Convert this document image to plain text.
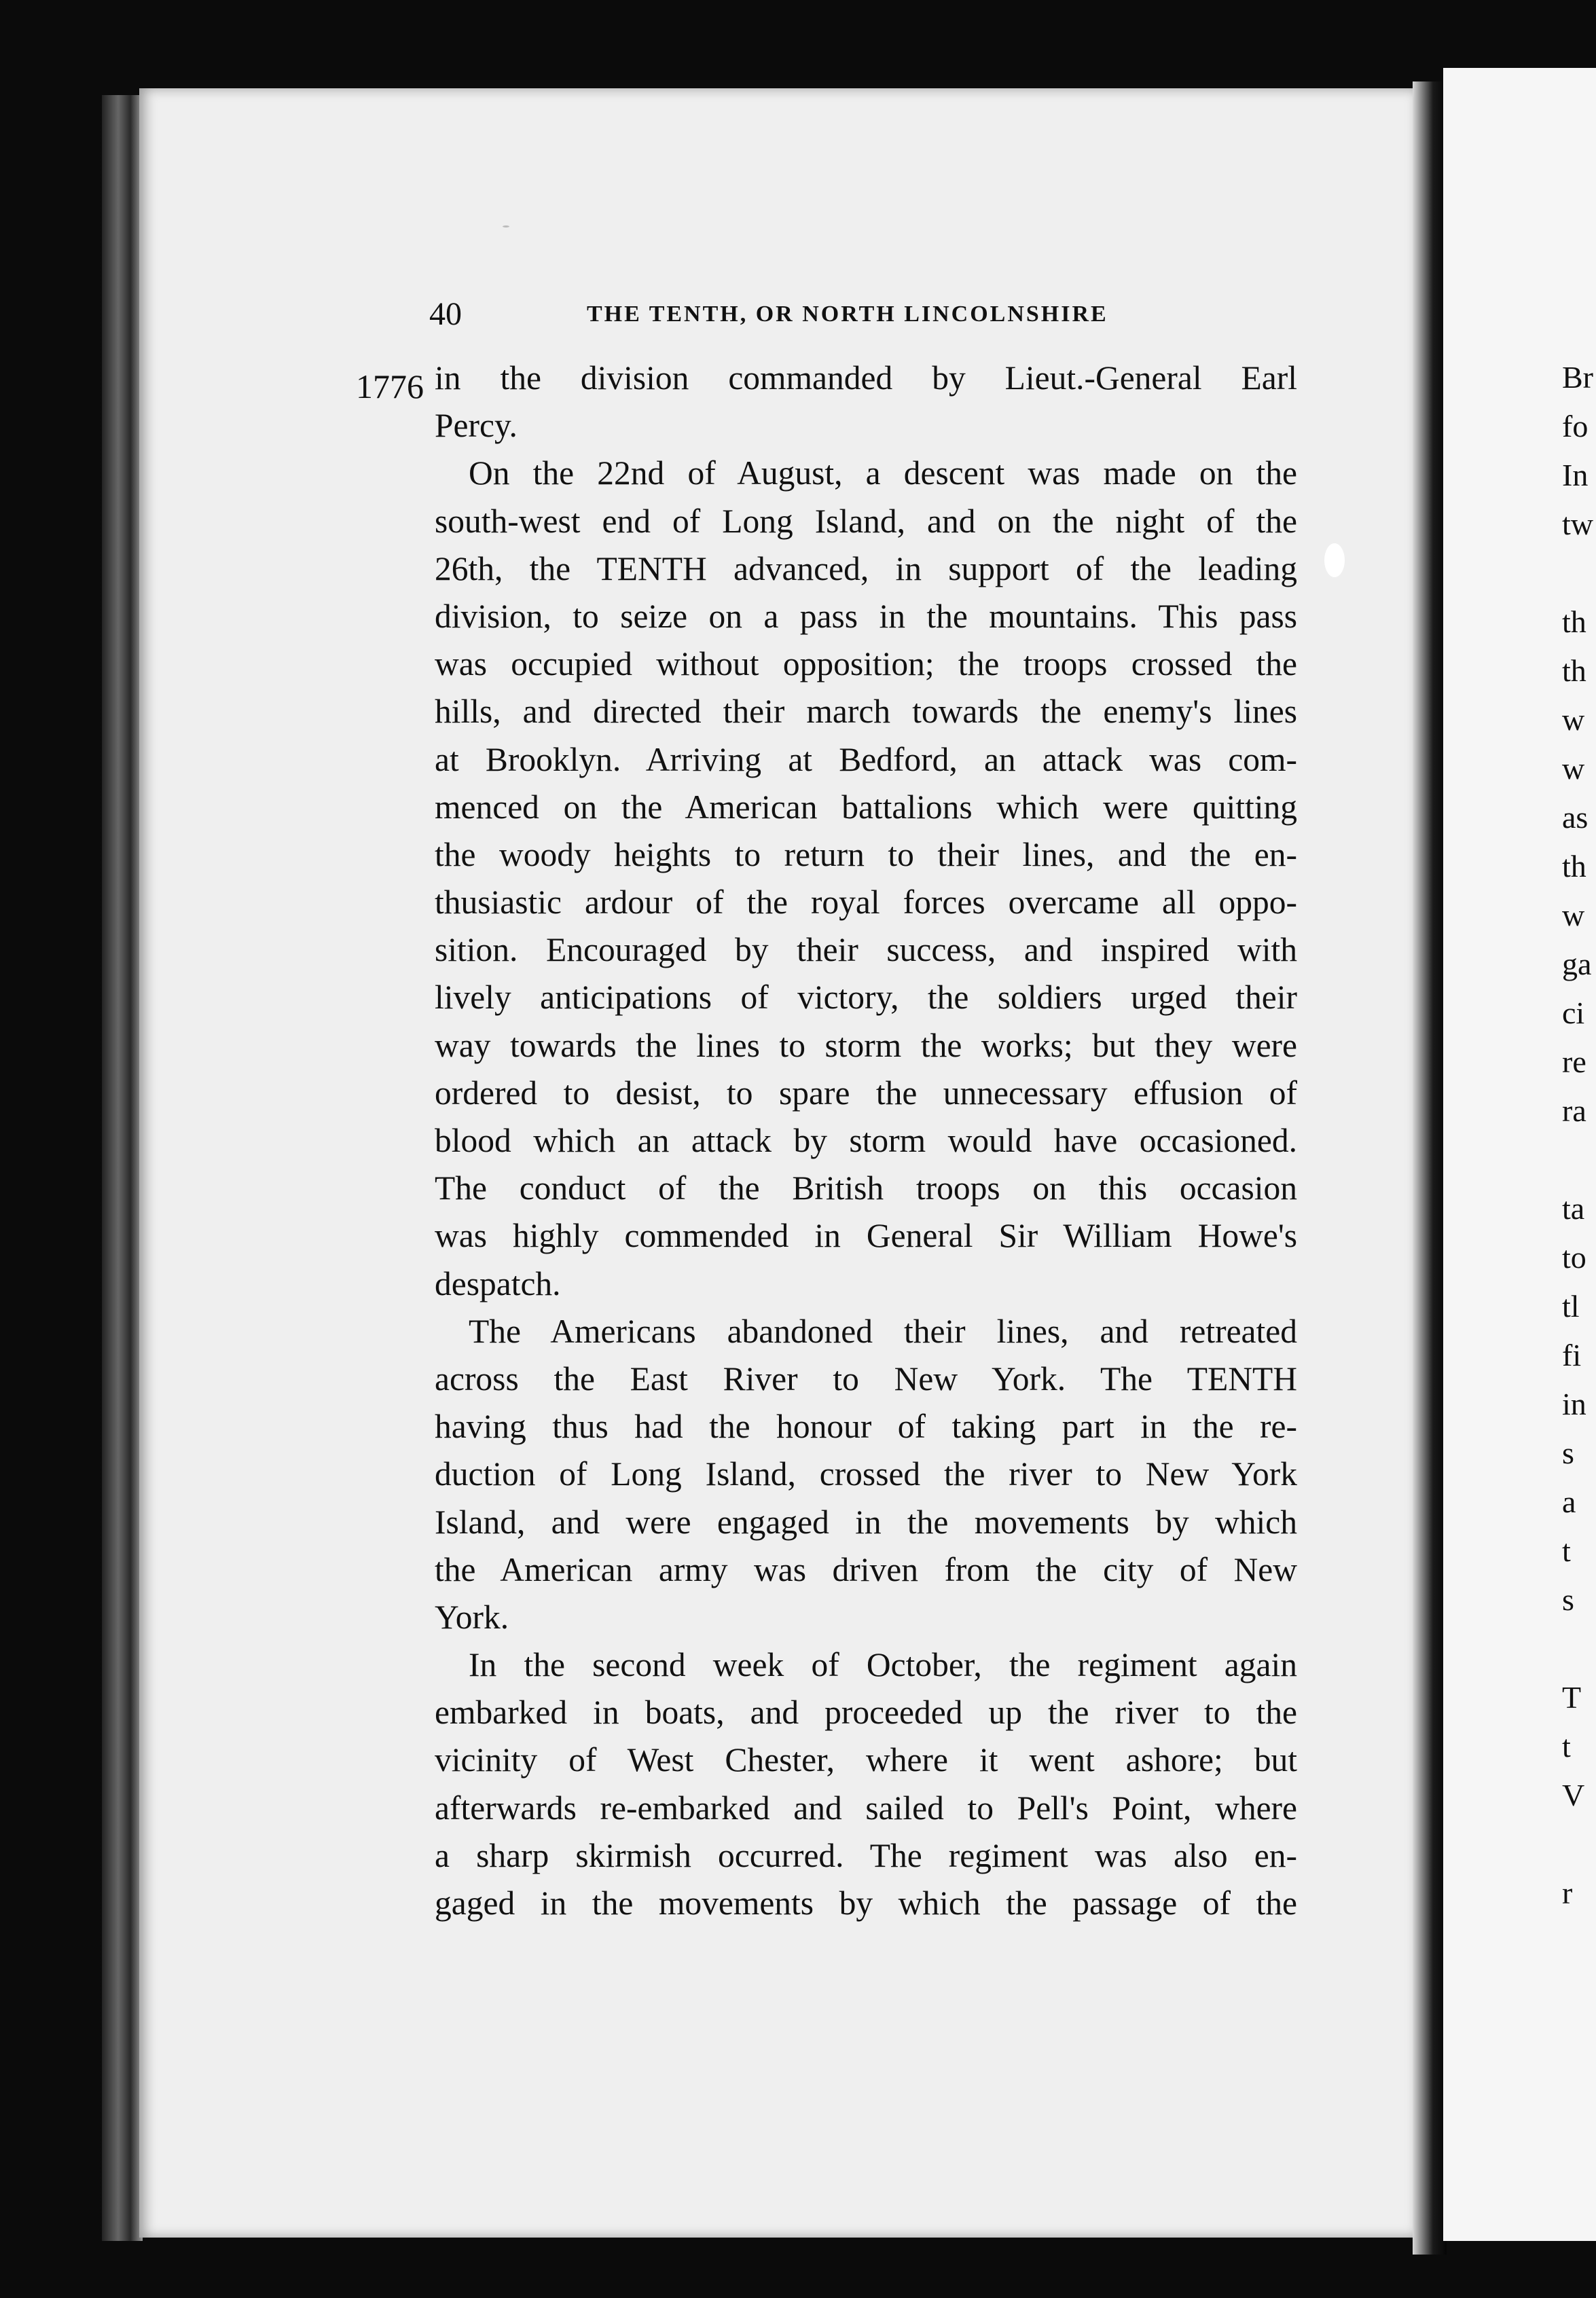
40	THE TENTH, OR NORTH LINCOLNSHIRE
1776 in the division commanded by Lieut.-General Earl
Percy.
On the 22nd of August, a descent was made on the
south-west end of Long Island, and on the night of the
26th, the TENTH advanced, in support of the leading
division, to seize on a pass in the mountains. This pass
was occupied without opposition; the troops crossed the
hills, and directed their march towards the enemy's lines
at Brooklyn. Arriving at Bedford, an attack was com-
menced on the American battalions which were quitting
the woody heights to return to their lines, and the en-
thusiastic ardour of the royal forces overcame all oppo-
sition. Encouraged by their success, and inspired with
lively anticipations of victory, the soldiers urged their
way towards the lines to storm the works; but they were
ordered to desist, to spare the unnecessary effusion of
blood which an attack by storm would have occasioned.
The conduct of the British troops on this occasion
was highly commended in General Sir William Howe's
despatch.
The Americans abandoned their lines, and retreated
across the East River to New York. The TENTH
having thus had the honour of taking part in the re-
duction of Long Island, crossed the river to New York
Island, and were engaged in the movements by which
the American army was driven from the city of New
York.
In the second week of October, the regiment again
embarked in boats, and proceeded up the river to the
vicinity of West Chester, where it went ashore; but
afterwards re-embarked and sailed to Pell's Point, where
a sharp skirmish occurred. The regiment was also en-
gaged in the movements by which the passage of the
Br
fo
In
tw
th
th
w
w
as
th
w
ga
ci
re
ra
ta
to
tl
fi
in
s
a
t
s
T
t
V
r
